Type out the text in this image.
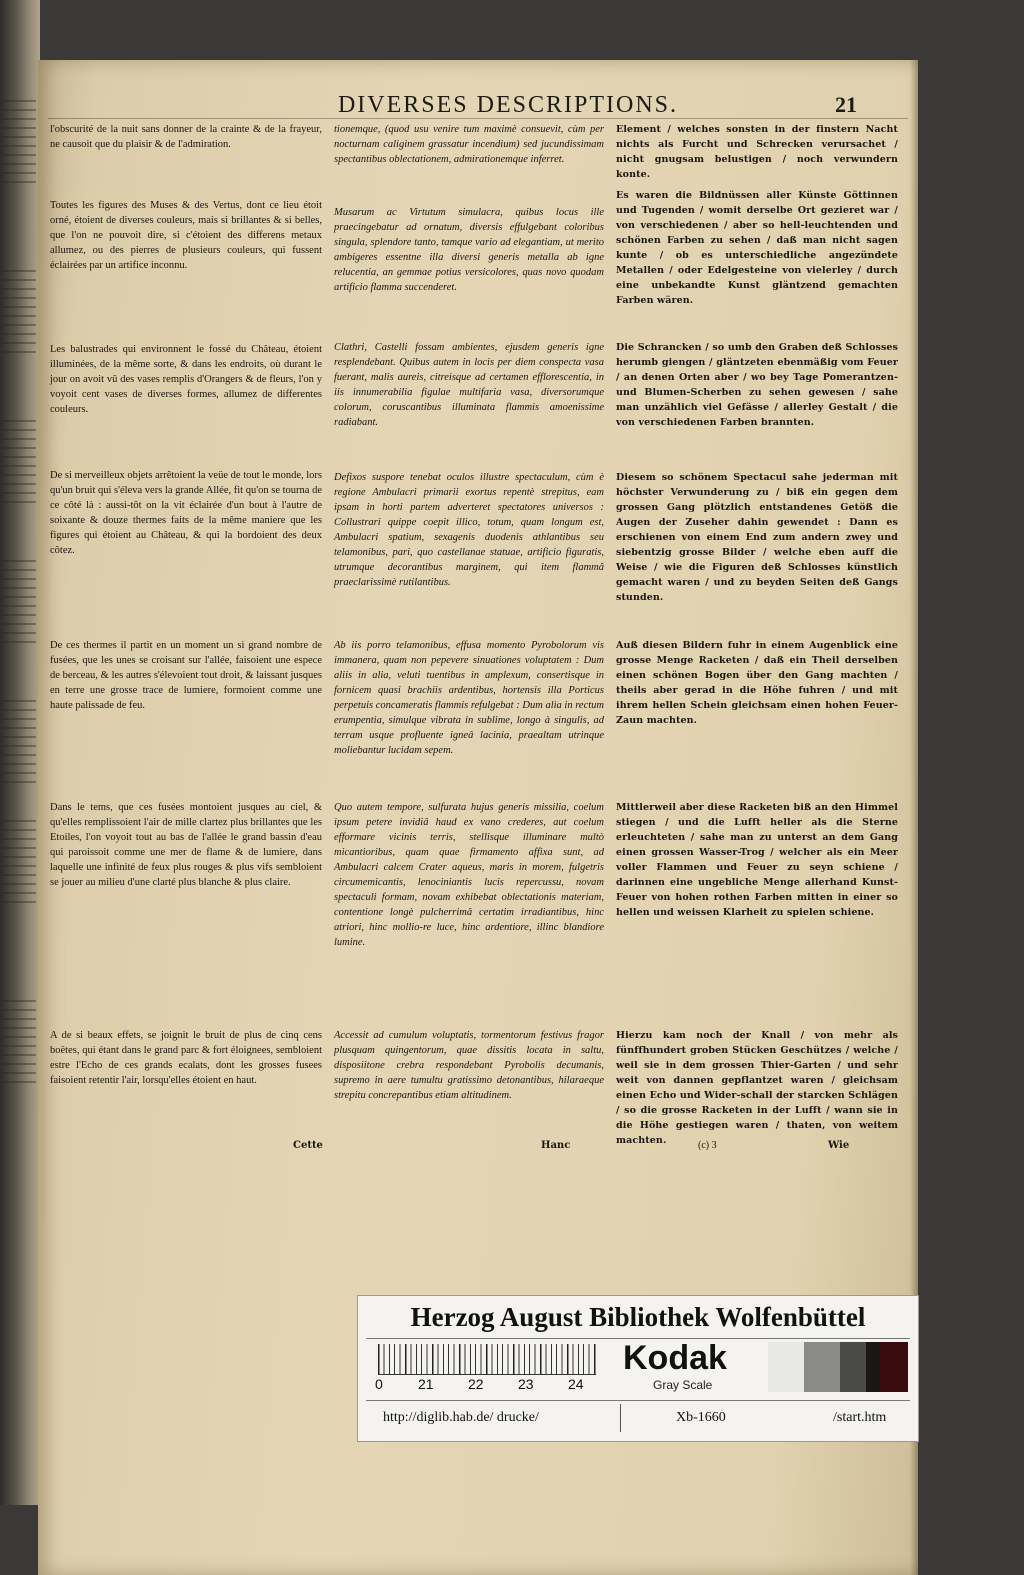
DIVERSES DESCRIPTIONS.	21
l'obscurité de la nuit sans donner de la crainte & de la frayeur, ne causoit que du plaisir & de l'admiration.
Toutes les figures des Muses & des Vertus, dont ce lieu étoit orné, étoient de diverses couleurs, mais si brillantes & si belles, que l'on ne pouvoit dire, si c'étoient des differens metaux allumez, ou des pierres de plusieurs couleurs, qui fussent éclairées par un artifice inconnu.
Les balustrades qui environnent le fossé du Château, étoient illuminées, de la même sorte, & dans les endroits, où durant le jour on avoit vû des vases remplis d'Orangers & de fleurs, l'on y voyoit cent vases de diverses formes, allumez de differentes couleurs.
De si merveilleux objets arrêtoient la veüe de tout le monde, lors qu'un bruit qui s'éleva vers la grande Allée, fit qu'on se tourna de ce côté là : aussi-tôt on la vit éclairée d'un bout à l'autre de soixante & douze thermes faits de la même maniere que les figures qui étoient au Château, & qui la bordoient des deux côtez.
De ces thermes il partit en un moment un si grand nombre de fusées, que les unes se croisant sur l'allée, faisoient une espece de berceau, & les autres s'élevoient tout droit, & laissant jusques en terre une grosse trace de lumiere, formoient comme une haute palissade de feu.
Dans le tems, que ces fusées montoient jusques au ciel, & qu'elles remplissoient l'air de mille clartez plus brillantes que les Etoiles, l'on voyoit tout au bas de l'allée le grand bassin d'eau qui paroissoit comme une mer de flame & de lumiere, dans laquelle une infinité de feux plus rouges & plus vifs sembloient se jouer au milieu d'une clarté plus blanche & plus claire.
A de si beaux effets, se joignit le bruit de plus de cinq cens boëtes, qui étant dans le grand parc & fort éloignees, sembloient estre l'Echo de ces grands ecalats, dont les grosses fusees faisoient retentir l'air, lorsqu'elles étoient en haut.
tionemque, (quod usu venire tum maximè consuevit, cùm per nocturnam caliginem grassatur incendium) sed jucundissimam spectantibus oblectationem, admirationemque inferret.
Musarum ac Virtutum simulacra, quibus locus ille praecingebatur ad ornatum, diversis effulgebant coloribus singula, splendore tanto, tamque vario ad elegantiam, ut merito ambigeres essentne illa diversi generis metalla ab igne relucentia, an gemmae potius versicolores, quas novo quodam artificio flamma succenderet.
Clathri, Castelli fossam ambientes, ejusdem generis igne resplendebant. Quibus autem in locis per diem conspecta vasa fuerant, malis aureis, citreisque ad certamen efflorescentia, in iis innumerabilia figulae multifaria vasa, diversorumque colorum, coruscantibus illuminata flammis amoenissime radiabant.
Defixos suspore tenebat oculos illustre spectaculum, cùm è regione Ambulacri primarii exortus repentè strepitus, eam ipsam in horti partem adverteret spectatores universos : Collustrari quippe coepit illico, totum, quam longum est, Ambulacri spatium, sexagenis duodenis athlantibus seu telamonibus, pari, quo castellanae statuae, artificio figuratis, utrumque decorantibus marginem, qui item flammâ praeclarissimè rutilantibus.
Ab iis porro telamonibus, effusa momento Pyrobolorum vis immanera, quam non pepevere sinuationes voluptatem : Dum aliis in alia, veluti tuentibus in amplexum, consertisque in fornicem quasi brachiis ardentibus, hortensis illa Porticus perpetuis concameratis flammis refulgebat : Dum alia in rectum erumpentia, simulque vibrata in sublime, longo à singulis, ad terram usque profluente igneâ lacinia, praealtam utrinque moliebantur lucidam sepem.
Quo autem tempore, sulfurata hujus generis missilia, coelum ipsum petere invidiâ haud ex vano crederes, aut coelum efformare vicinis terris, stellisque illuminare multò micantioribus, quam quae firmamento affixa sunt, ad Ambulacri calcem Crater aqueus, maris in morem, fulgetris circumemicantis, lenociniantis lucis repercussu, novam spectaculi formam, novam exhibebat oblectationis materiam, contentione longè pulcherrimâ certatim irradiantibus, hinc atriori, hinc mollio-re luce, hinc ardentiore, illinc blandiore lumine.
Accessit ad cumulum voluptatis, tormentorum festivus fragor plusquam quingentorum, quae dissitis locata in saltu, disposiitone crebra respondebant Pyrobolis decumanis, supremo in aere tumultu gratissimo detonantibus, hilaraeque strepitu concrepantibus etiam altitudinem.
Element / welches sonsten in der finstern Nacht nichts als Furcht und Schrecken verursachet / nicht gnugsam belustigen / noch verwundern konte.
Es waren die Bildnüssen aller Künste Göttinnen und Tugenden / womit derselbe Ort gezieret war / von verschiedenen / aber so hell-leuchtenden und schönen Farben zu sehen / daß man nicht sagen kunte / ob es unterschiedliche angezündete Metallen / oder Edelgesteine von vielerley / durch eine unbekandte Kunst gläntzend gemachten Farben wären.
Die Schrancken / so umb den Graben deß Schlosses herumb giengen / gläntzeten ebenmäßig vom Feuer / an denen Orten aber / wo bey Tage Pomerantzen- und Blumen-Scherben zu sehen gewesen / sahe man unzählich viel Gefässe / allerley Gestalt / die von verschiedenen Farben brannten.
Diesem so schönem Spectacul sahe jederman mit höchster Verwunderung zu / biß ein gegen dem grossen Gang plötzlich entstandenes Getöß die Augen der Zuseher dahin gewendet : Dann es erschienen von einem End zum andern zwey und siebentzig grosse Bilder / welche eben auff die Weise / wie die Figuren deß Schlosses künstlich gemacht waren / und zu beyden Seiten deß Gangs stunden.
Auß diesen Bildern fuhr in einem Augenblick eine grosse Menge Racketen / daß ein Theil derselben einen schönen Bogen über den Gang machten / theils aber gerad in die Höhe fuhren / und mit ihrem hellen Schein gleichsam einen hohen Feuer-Zaun machten.
Mittlerweil aber diese Racketen biß an den Himmel stiegen / und die Lufft heller als die Sterne erleuchteten / sahe man zu unterst an dem Gang einen grossen Wasser-Trog / welcher als ein Meer voller Flammen und Feuer zu seyn schiene / darinnen eine ungebliche Menge allerhand Kunst-Feuer von hohen rothen Farben mitten in einer so hellen und weissen Klarheit zu spielen schiene.
Hierzu kam noch der Knall / von mehr als fünffhundert groben Stücken Geschützes / welche / weil sie in dem grossen Thier-Garten / und sehr weit von dannen gepflantzet waren / gleichsam einen Echo und Wider-schall der starcken Schlägen / so die grosse Racketen in der Lufft / wann sie in die Höhe gestiegen waren / thaten, von weitem machten.
Cette	Hanc	(c) 3	Wie
Herzog August Bibliothek Wolfenbüttel
0	21 22 23 24
Kodak
Gray Scale
http://diglib.hab.de/ drucke/	Xb-1660	/start.htm
